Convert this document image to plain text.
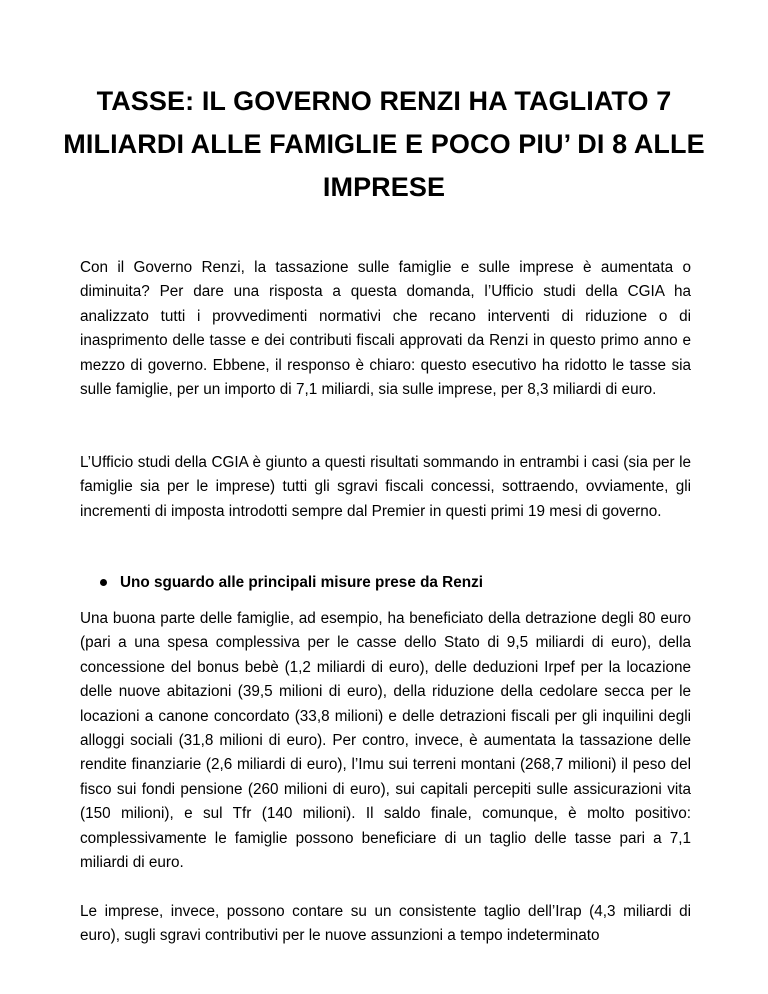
TASSE: IL GOVERNO RENZI HA TAGLIATO 7 MILIARDI ALLE FAMIGLIE E POCO PIU’ DI 8 ALLE IMPRESE

Con il Governo Renzi, la tassazione sulle famiglie e sulle imprese è aumentata o diminuita? Per dare una risposta a questa domanda, l’Ufficio studi della CGIA ha analizzato tutti i provvedimenti normativi che recano interventi di riduzione o di inasprimento delle tasse e dei contributi fiscali approvati da Renzi in questo primo anno e mezzo di governo. Ebbene, il responso è chiaro: questo esecutivo ha ridotto le tasse sia sulle famiglie, per un importo di 7,1 miliardi, sia sulle imprese, per 8,3 miliardi di euro.

L’Ufficio studi della CGIA è giunto a questi risultati sommando in entrambi i casi (sia per le famiglie sia per le imprese) tutti gli sgravi fiscali concessi, sottraendo, ovviamente, gli incrementi di imposta introdotti sempre dal Premier in questi primi 19 mesi di governo.

Uno sguardo alle principali misure prese da Renzi

Una buona parte delle famiglie, ad esempio, ha beneficiato della detrazione degli 80 euro (pari a una spesa complessiva per le casse dello Stato di 9,5 miliardi di euro), della concessione del bonus bebè (1,2 miliardi di euro), delle deduzioni Irpef per la locazione delle nuove abitazioni (39,5 milioni di euro), della riduzione della cedolare secca per le locazioni a canone concordato (33,8 milioni) e delle detrazioni fiscali per gli inquilini degli alloggi sociali (31,8 milioni di euro). Per contro, invece, è aumentata la tassazione delle rendite finanziarie (2,6 miliardi di euro), l’Imu sui terreni montani (268,7 milioni) il peso del fisco sui fondi pensione (260 milioni di euro), sui capitali percepiti sulle assicurazioni vita (150 milioni), e sul Tfr (140 milioni). Il saldo finale, comunque, è molto positivo: complessivamente le famiglie possono beneficiare di un taglio delle tasse pari a 7,1 miliardi di euro.

Le imprese, invece, possono contare su un consistente taglio dell’Irap (4,3 miliardi di euro), sugli sgravi contributivi per le nuove assunzioni a tempo indeterminato
